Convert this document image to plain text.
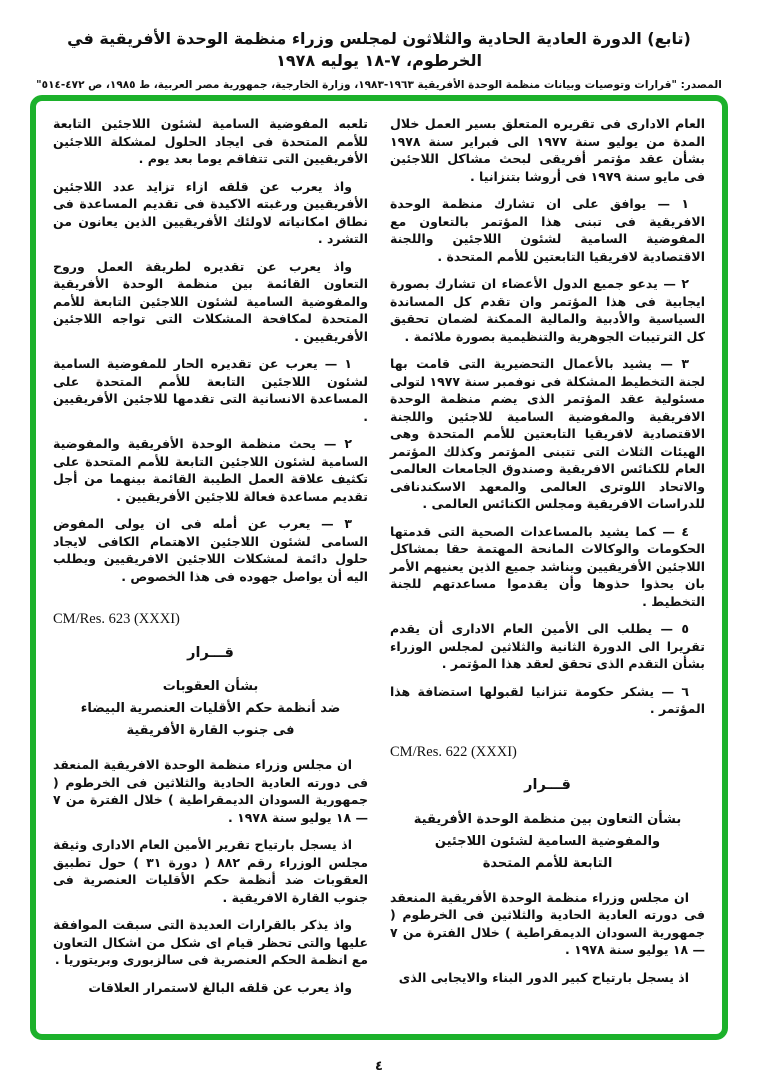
(تابع) الدورة العادية الحادية والثلاثون لمجلس وزراء منظمة الوحدة الأفريقية في الخرطوم، ٧-١٨ يوليه ١٩٧٨
المصدر: "قرارات وتوصيات وبيانات منظمة الوحدة الأفريقية ١٩٦٣-١٩٨٣، وزارة الخارجية، جمهورية مصر العربية، ط ١٩٨٥، ص ٤٧٢-٥١٤"
العام الادارى فى تقريره المتعلق بسير العمل خلال المدة من يوليو سنة ١٩٧٧ الى فبراير سنة ١٩٧٨ بشأن عقد مؤتمر أفريقى لبحث مشاكل اللاجئين فى مايو سنة ١٩٧٩ فى أروشا بتنزانيا .
١ — يوافق على ان تشارك منظمة الوحدة الافريقية فى تبنى هذا المؤتمر بالتعاون مع المفوضية السامية لشئون اللاجئين واللجنة الاقتصادية لافريقيا التابعتين للأمم المتحدة .
٢ — يدعو جميع الدول الأعضاء ان تشارك بصورة ايجابية فى هذا المؤتمر وان تقدم كل المساندة السياسية والأدبية والمالية الممكنة لضمان تحقيق كل الترتيبات الجوهرية والتنظيمية بصورة ملائمة .
٣ — يشيد بالأعمال التحضيرية التى قامت بها لجنة التخطيط المشكلة فى نوفمبر سنة ١٩٧٧ لتولى مسئولية عقد المؤتمر الذى يضم منظمة الوحدة الافريقية والمفوضية السامية للاجئين واللجنة الاقتصادية لافريقيا التابعتين للأمم المتحدة وهى الهيئات الثلاث التى تتبنى المؤتمر وكذلك المؤتمر العام للكنائس الافريقية وصندوق الجامعات العالمى والاتحاد اللوترى العالمى والمعهد الاسكندنافى للدراسات الافريقية ومجلس الكنائس العالمى .
٤ — كما يشيد بالمساعدات الصحية التى قدمتها الحكومات والوكالات المانحة المهتمة حقا بمشاكل اللاجئين الأفريقيين ويناشد جميع الذين يعنيهم الأمر بان يحذوا حذوها وأن يقدموا مساعدتهم للجنة التخطيط .
٥ — يطلب الى الأمين العام الادارى أن يقدم تقريرا الى الدورة الثانية والثلاثين لمجلس الوزراء بشأن التقدم الذى تحقق لعقد هذا المؤتمر .
٦ — يشكر حكومة تنزانيا لقبولها استضافة هذا المؤتمر .
CM/Res. 622 (XXXI)
قـــرار
بشأن التعاون بين منظمة الوحدة الأفريقية
والمفوضية السامية لشئون اللاجئين
التابعة للأمم المتحدة
ان مجلس وزراء منظمة الوحدة الأفريقية المنعقد فى دورته العادية الحادية والثلاثين فى الخرطوم ( جمهورية السودان الديمقراطية ) خلال الفترة من ٧ — ١٨ يوليو سنة ١٩٧٨ .
اذ يسجل بارتياح كبير الدور البناء والايجابى الذى
تلعبه المفوضية السامية لشئون اللاجئين التابعة للأمم المتحدة فى ايجاد الحلول لمشكلة اللاجئين الأفريقيين التى تتفاقم يوما بعد يوم .
واذ يعرب عن قلقه ازاء تزايد عدد اللاجئين الأفريقيين ورغبته الاكيدة فى تقديم المساعدة فى نطاق امكانياته لاولئك الأفريقيين الذين يعانون من التشرد .
واذ يعرب عن تقديره لطريقة العمل وروح التعاون القائمة بين منظمة الوحدة الأفريقية والمفوضية السامية لشئون اللاجئين التابعة للأمم المتحدة لمكافحة المشكلات التى تواجه اللاجئين الأفريقيين .
١ — يعرب عن تقديره الحار للمفوضية السامية لشئون اللاجئين التابعة للأمم المتحدة على المساعدة الانسانية التى تقدمها للاجئين الأفريقيين .
٢ — يحث منظمة الوحدة الأفريقية والمفوضية السامية لشئون اللاجئين التابعة للأمم المتحدة على تكثيف علاقة العمل الطيبة القائمة بينهما من أجل تقديم مساعدة فعالة للاجئين الأفريقيين .
٣ — يعرب عن أمله فى ان يولى المفوض السامى لشئون اللاجئين الاهتمام الكافى لايجاد حلول دائمة لمشكلات اللاجئين الافريقيين ويطلب اليه أن يواصل جهوده فى هذا الخصوص .
CM/Res. 623 (XXXI)
قـــرار
بشأن العقوبات
ضد أنظمة حكم الأقليات العنصرية البيضاء
فى جنوب القارة الأفريقية
ان مجلس وزراء منظمة الوحدة الافريقية المنعقد فى دورته العادية الحادية والثلاثين فى الخرطوم ( جمهورية السودان الديمقراطية ) خلال الفترة من ٧ — ١٨ يوليو سنة ١٩٧٨ .
اذ يسجل بارتياح تقرير الأمين العام الادارى وثيقة مجلس الوزراء رقم ٨٨٢ ( دورة ٣١ ) حول تطبيق العقوبات ضد أنظمة حكم الأقليات العنصرية فى جنوب القارة الافريقية .
واذ يذكر بالقرارات العديدة التى سبقت الموافقة عليها والتى تحظر قيام اى شكل من اشكال التعاون مع انظمة الحكم العنصرية فى سالزبورى وبريتوريا .
واذ يعرب عن قلقه البالغ لاستمرار العلاقات
٤
